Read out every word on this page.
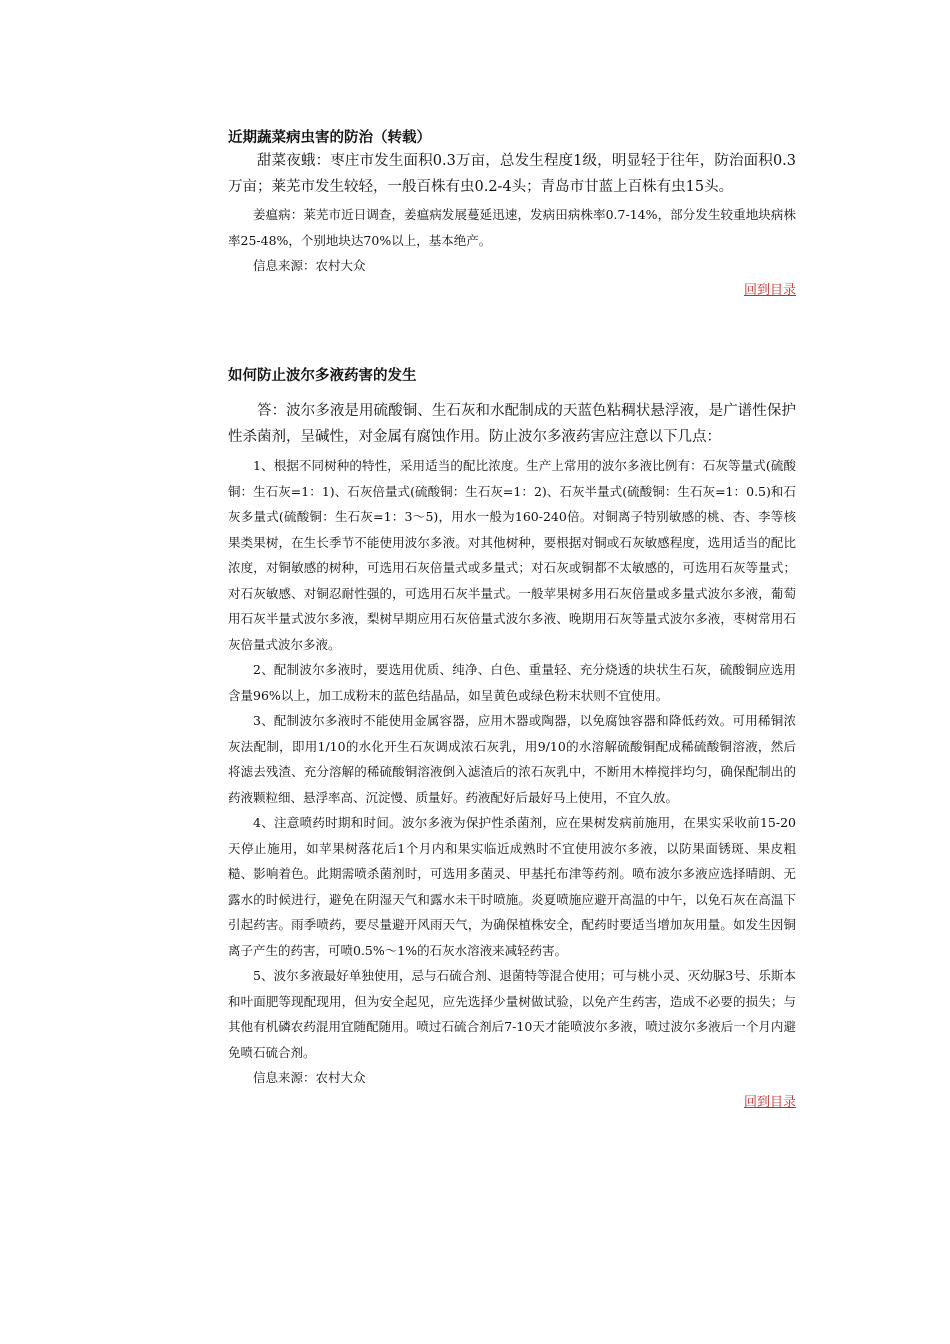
近期蔬菜病虫害的防治（转载）

甜菜夜蛾：枣庄市发生面积0.3万亩，总发生程度1级，明显轻于往年，防治面积0.3万亩；莱芜市发生较轻，一般百株有虫0.2-4头；青岛市甘蓝上百株有虫15头。

姜瘟病：莱芜市近日调查，姜瘟病发展蔓延迅速，发病田病株率0.7-14%，部分发生较重地块病株率25-48%，个别地块达70%以上，基本绝产。

信息来源：农村大众

回到目录

如何防止波尔多液药害的发生

答：波尔多液是用硫酸铜、生石灰和水配制成的天蓝色粘稠状悬浮液，是广谱性保护性杀菌剂，呈碱性，对金属有腐蚀作用。防止波尔多液药害应注意以下几点：

1、根据不同树种的特性，采用适当的配比浓度。生产上常用的波尔多液比例有：石灰等量式(硫酸铜：生石灰=1：1)、石灰倍量式(硫酸铜：生石灰=1：2)、石灰半量式(硫酸铜：生石灰=1：0.5)和石灰多量式(硫酸铜：生石灰=1：3～5)，用水一般为160-240倍。对铜离子特别敏感的桃、杏、李等核果类果树，在生长季节不能使用波尔多液。对其他树种，要根据对铜或石灰敏感程度，选用适当的配比浓度，对铜敏感的树种，可选用石灰倍量式或多量式；对石灰或铜都不太敏感的，可选用石灰等量式；对石灰敏感、对铜忍耐性强的，可选用石灰半量式。一般苹果树多用石灰倍量或多量式波尔多液，葡萄用石灰半量式波尔多液，梨树早期应用石灰倍量式波尔多液、晚期用石灰等量式波尔多液，枣树常用石灰倍量式波尔多液。

2、配制波尔多液时，要选用优质、纯净、白色、重量轻、充分烧透的块状生石灰，硫酸铜应选用含量96%以上，加工成粉末的蓝色结晶品，如呈黄色或绿色粉末状则不宜使用。

3、配制波尔多液时不能使用金属容器，应用木器或陶器，以免腐蚀容器和降低药效。可用稀铜浓灰法配制，即用1/10的水化开生石灰调成浓石灰乳，用9/10的水溶解硫酸铜配成稀硫酸铜溶液，然后将滤去残渣、充分溶解的稀硫酸铜溶液倒入滤渣后的浓石灰乳中，不断用木棒搅拌均匀，确保配制出的药液颗粒细、悬浮率高、沉淀慢、质量好。药液配好后最好马上使用，不宜久放。

4、注意喷药时期和时间。波尔多液为保护性杀菌剂，应在果树发病前施用，在果实采收前15-20天停止施用，如苹果树落花后1个月内和果实临近成熟时不宜使用波尔多液，以防果面锈斑、果皮粗糙、影响着色。此期需喷杀菌剂时，可选用多菌灵、甲基托布津等药剂。喷布波尔多液应选择晴朗、无露水的时候进行，避免在阴湿天气和露水未干时喷施。炎夏喷施应避开高温的中午，以免石灰在高温下引起药害。雨季喷药，要尽量避开风雨天气，为确保植株安全，配药时要适当增加灰用量。如发生因铜离子产生的药害，可喷0.5%～1%的石灰水溶液来减轻药害。

5、波尔多液最好单独使用，忌与石硫合剂、退菌特等混合使用；可与桃小灵、灭幼脲3号、乐斯本和叶面肥等现配现用，但为安全起见，应先选择少量树做试验，以免产生药害，造成不必要的损失；与其他有机磷农药混用宜随配随用。喷过石硫合剂后7-10天才能喷波尔多液，喷过波尔多液后一个月内避免喷石硫合剂。

信息来源：农村大众

回到目录
